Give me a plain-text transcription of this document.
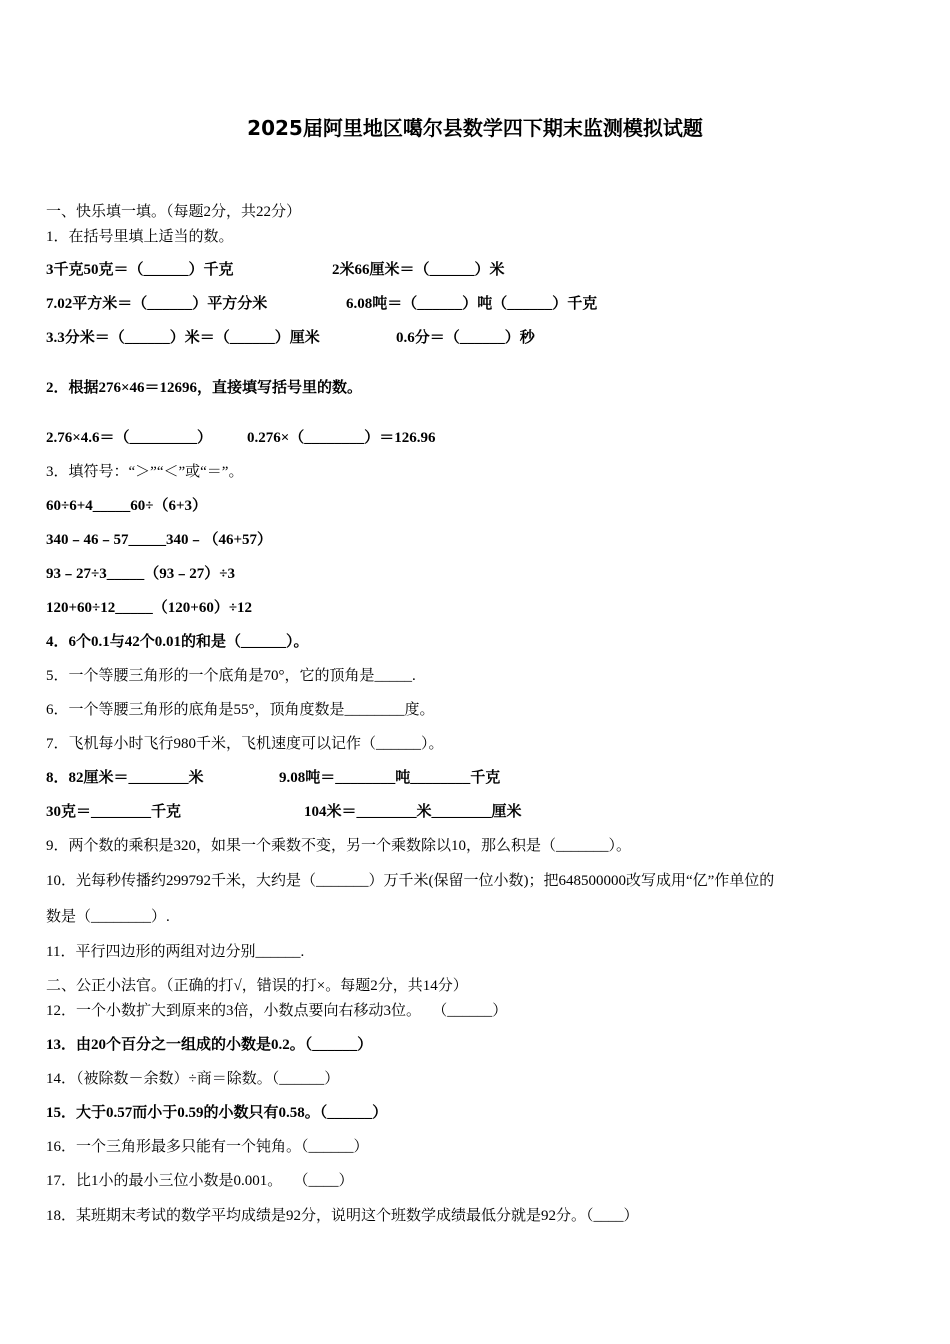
2025届阿里地区噶尔县数学四下期末监测模拟试题
一、快乐填一填。（每题2分，共22分）
1．在括号里填上适当的数。
3千克50克＝（______）千克	2米66厘米＝（______）米
7.02平方米＝（______）平方分米	6.08吨＝（______）吨（______）千克
3.3分米＝（______）米＝（______）厘米	0.6分＝（______）秒
2．根据276×46＝12696，直接填写括号里的数。
2.76×4.6＝（_________） 0.276×（________）＝126.96
3．填符号：“＞”“＜”或“＝”。
60÷6+4_____60÷（6+3）
340﹣46﹣57_____340﹣（46+57）
93﹣27÷3_____（93﹣27）÷3
120+60÷12_____（120+60）÷12
4．6个0.1与42个0.01的和是（______）。
5．一个等腰三角形的一个底角是70°，它的顶角是_____.
6．一个等腰三角形的底角是55°，顶角度数是________度。
7．飞机每小时飞行980千米，飞机速度可以记作（______）。
8．82厘米＝________米	9.08吨＝________吨________千克
30克＝________千克	104米＝________米________厘米
9．两个数的乘积是320，如果一个乘数不变，另一个乘数除以10，那么积是（_______）。
10．光每秒传播约299792千米，大约是（_______）万千米(保留一位小数)；把648500000改写成用“亿”作单位的
数是（________）.
11．平行四边形的两组对边分别______.
二、公正小法官。（正确的打√，错误的打×。每题2分，共14分）
12．一个小数扩大到原来的3倍，小数点要向右移动3位。   （______）
13．由20个百分之一组成的小数是0.2。（______）
14．（被除数－余数）÷商＝除数。（______）
15．大于0.57而小于0.59的小数只有0.58。（______）
16．一个三角形最多只能有一个钝角。（______）
17．比1小的最小三位小数是0.001。   （____）
18．某班期末考试的数学平均成绩是92分，说明这个班数学成绩最低分就是92分。（____）
